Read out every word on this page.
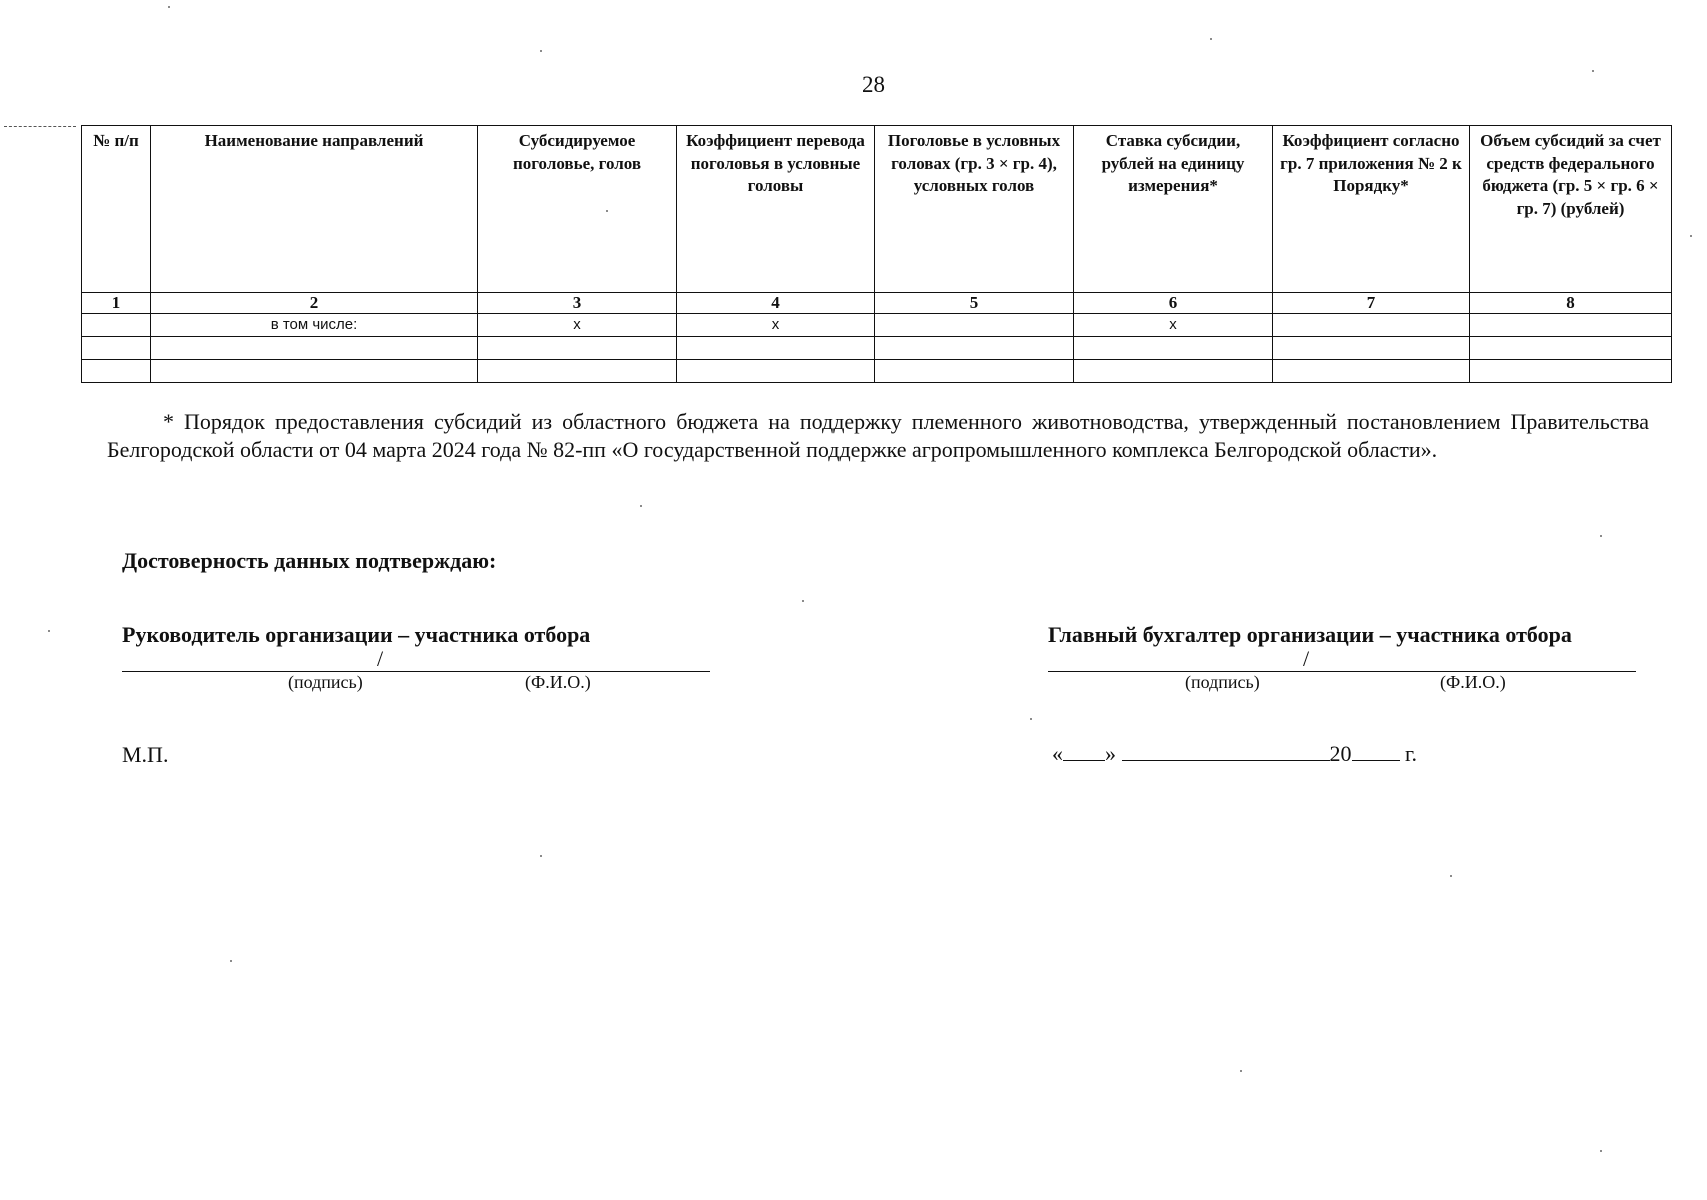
28
№ п/п	Наименование направлений	Субсидируемое поголовье, голов	Коэффициент перевода поголовья в условные головы	Поголовье в условных головах (гр. 3 × гр. 4), условных голов	Ставка субсидии, рублей на единицу измерения*	Коэффициент согласно гр. 7 приложения № 2 к Порядку*	Объем субсидий за счет средств федерального бюджета (гр. 5 × гр. 6 × гр. 7) (рублей)
1	2	3	4	5	6	7	8
	в том числе:	x	x		x		

* Порядок предоставления субсидий из областного бюджета на поддержку племенного животноводства, утвержденный постановлением Правительства Белгородской области от 04 марта 2024 года № 82-пп «О государственной поддержке агропромышленного комплекса Белгородской области».
Достоверность данных подтверждаю:
Руководитель организации – участника отбора
/
(подпись)	(Ф.И.О.)
Главный бухгалтер организации – участника отбора
/
(подпись)	(Ф.И.О.)
М.П.	« »	20 г.
